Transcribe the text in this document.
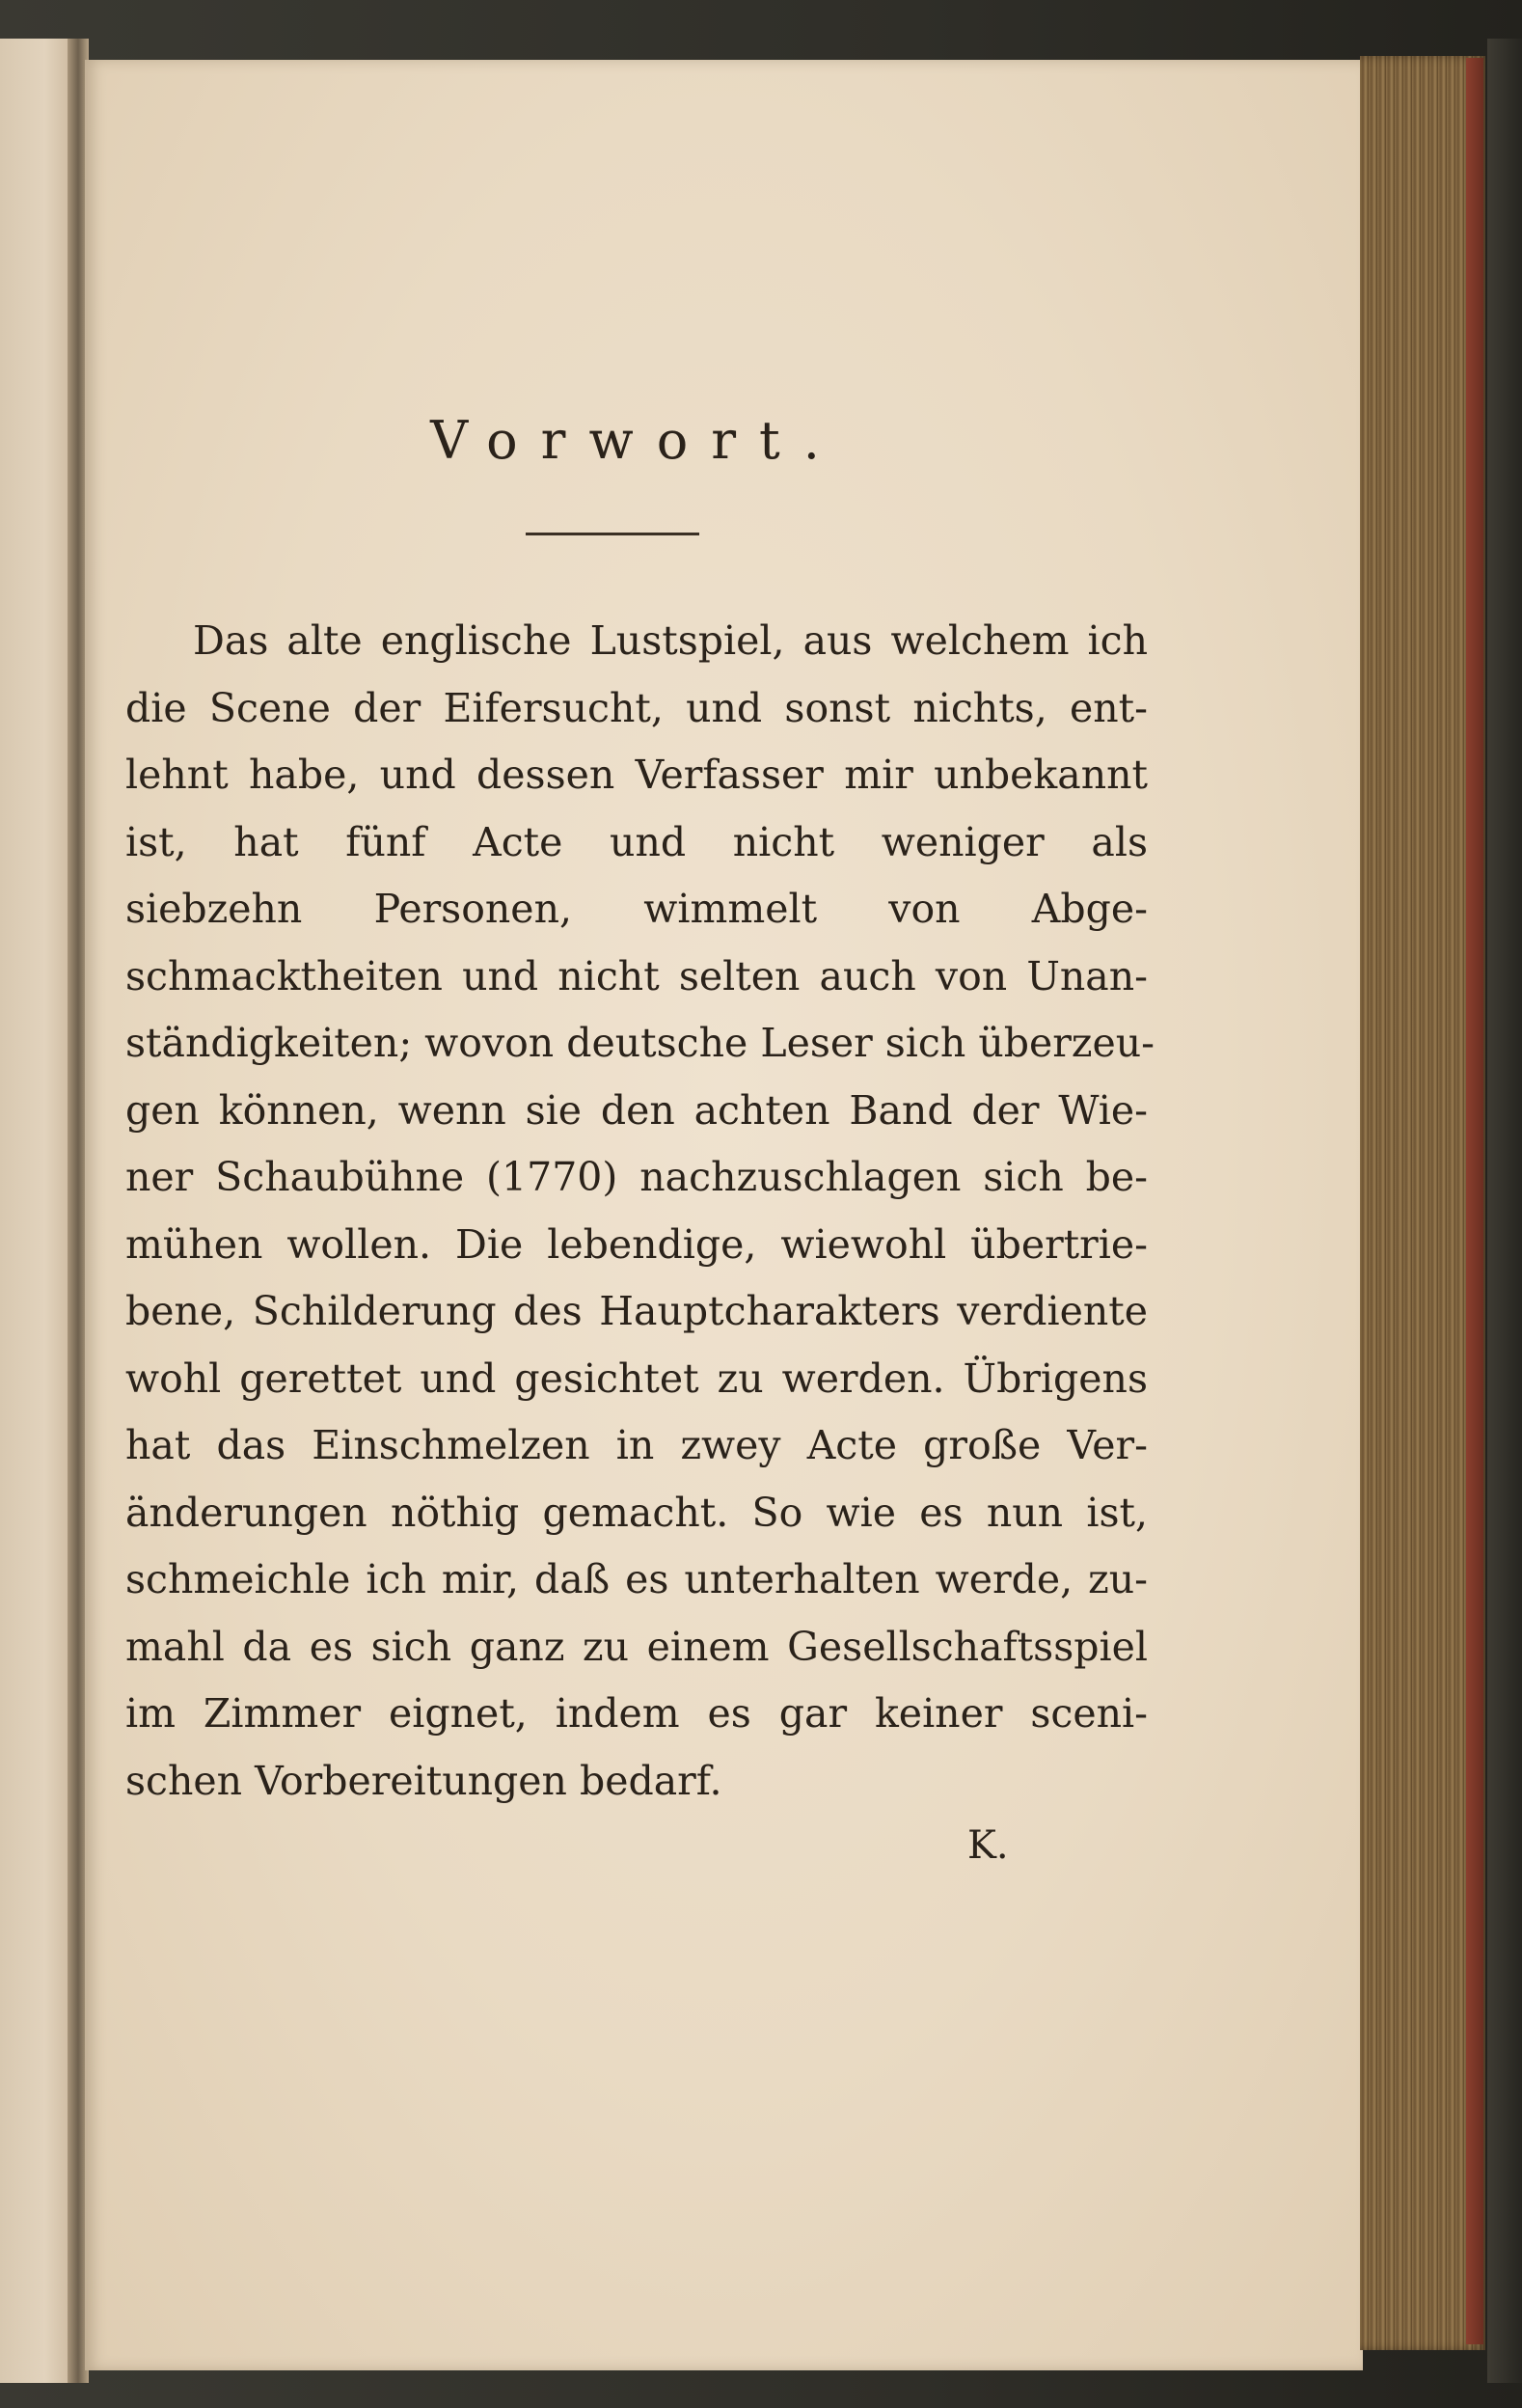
Vorwort.
Das alte englische Lustspiel, aus welchem ich
die Scene der Eifersucht, und sonst nichts, ent-
lehnt habe, und dessen Verfasser mir unbekannt
ist, hat fünf Acte und nicht weniger als
siebzehn Personen, wimmelt von Abge-
schmacktheiten und nicht selten auch von Unan-
ständigkeiten; wovon deutsche Leser sich überzeu-
gen können, wenn sie den achten Band der Wie-
ner Schaubühne (1770) nachzuschlagen sich be-
mühen wollen. Die lebendige, wiewohl übertrie-
bene, Schilderung des Hauptcharakters verdiente
wohl gerettet und gesichtet zu werden. Übrigens
hat das Einschmelzen in zwey Acte große Ver-
änderungen nöthig gemacht. So wie es nun ist,
schmeichle ich mir, daß es unterhalten werde, zu-
mahl da es sich ganz zu einem Gesellschaftsspiel
im Zimmer eignet, indem es gar keiner sceni-
schen Vorbereitungen bedarf.
K.
